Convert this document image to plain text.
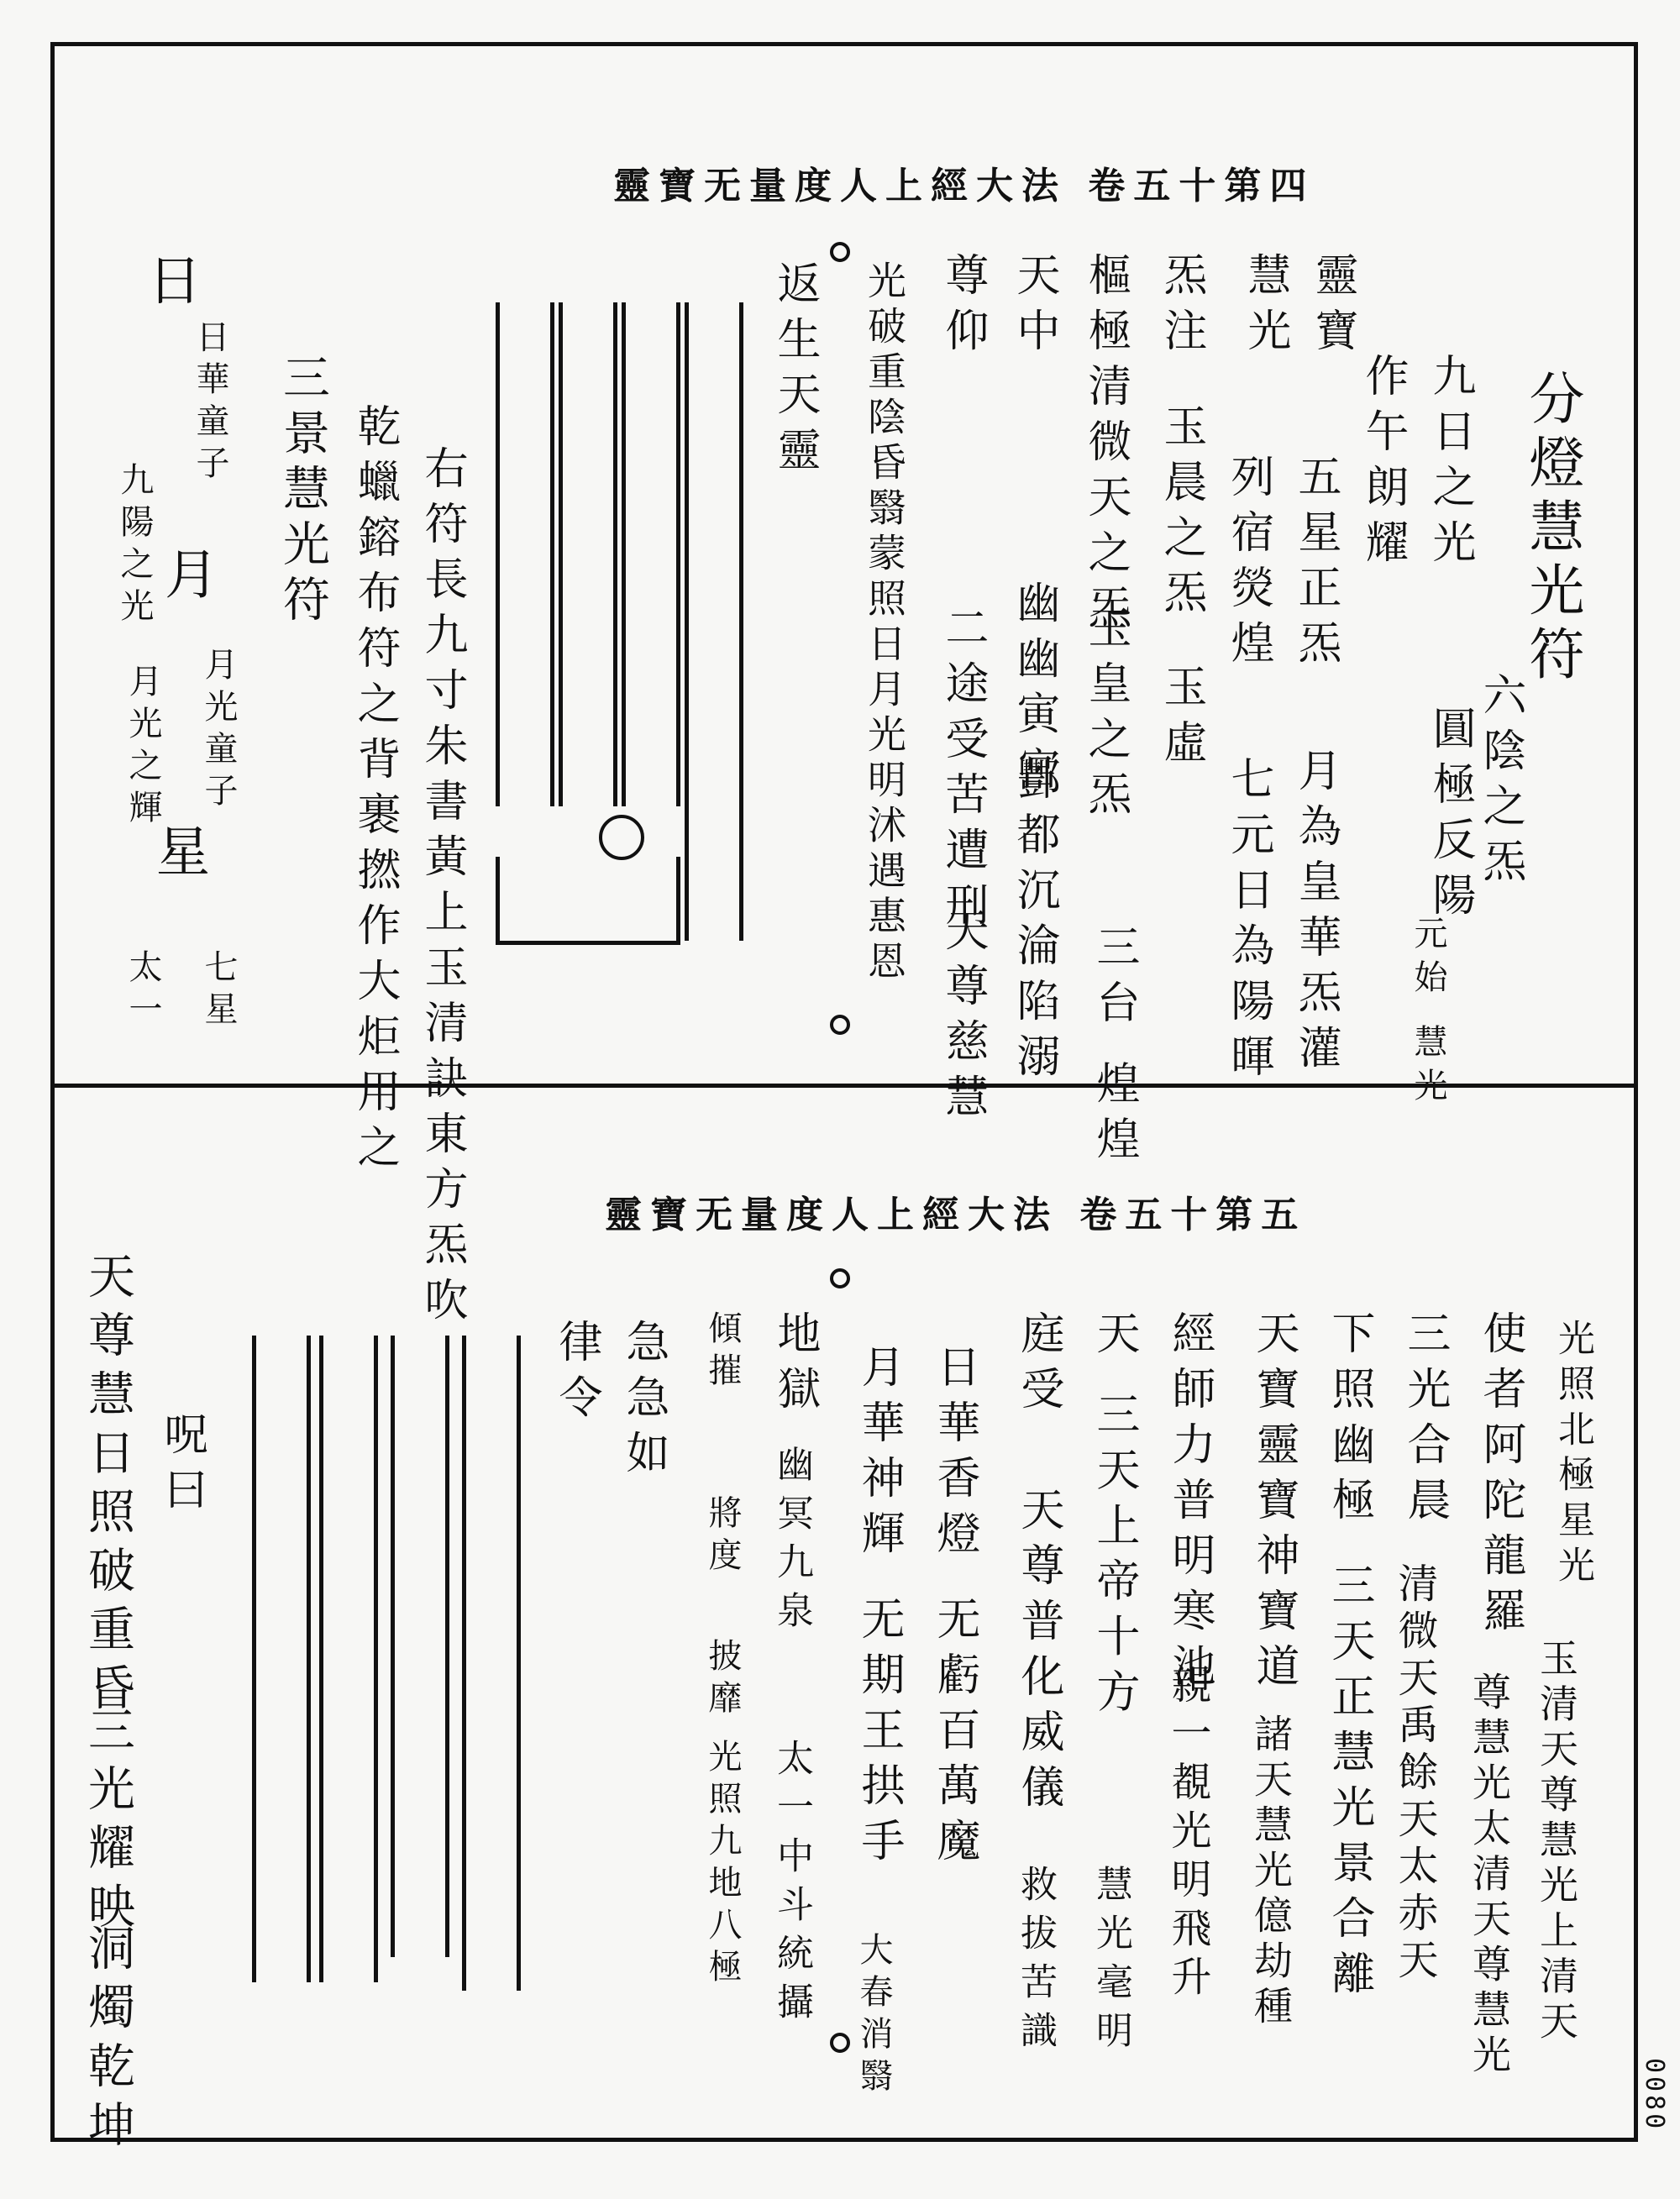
靈寶无量度人上經大法 卷五十第四
分燈慧光符
九日之光
作午朗耀
五星正炁
列宿熒煌
六陰之炁
圓極反陽
月為皇華炁灌
七元日為陽暉	元始 慧光
靈寶
慧光
炁注
玉晨之炁
玉虛
樞極清微天之炁
玉皇之炁
三台 煌煌
天中
幽幽寅宮
酆都沉淪陷溺
尊仰
二途受苦遭刑
天尊慈慧
光破重陰昏翳蒙照日月光明沭遇惠恩
返生天靈
右符長九寸朱書黃上玉清訣東方炁吹
乾蠟鎔布符之背裹撚作大炬用之
三景慧光符
日
日華童子
九陽之光 月
月光童子
月光之輝
星
七星
太一
靈寶无量度人上經大法 卷五十第五
光照北極星光
玉清天尊慧光上清天
使者阿陀龍羅
尊慧光太清天尊慧光
三光合晨
清微天禹餘天太赤天
下照幽極
三天正慧光景合離
天寶靈寶神寶道
諸天慧光億劫種
經師力普明寒池
親一覩光明飛升
天 三天上帝十方
慧光毫明
庭受
天尊普化威儀
救拔苦識
日華香燈
无虧百萬魔
月華神輝
无期王拱手
大春消翳
地獄
幽冥九泉
太一中斗統攝
傾摧
將度
披靡
光照九地八極
急急如
律令
呪曰
天尊慧日
照破重昏
三光耀映
洞燭乾坤	0080
